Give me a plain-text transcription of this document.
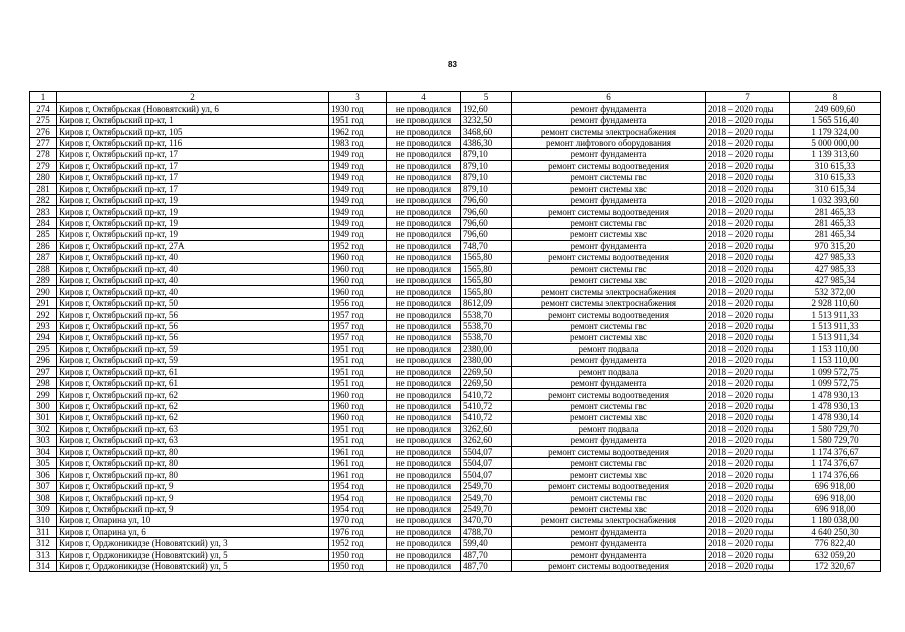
83
1	2	3	4	5	6	7	8
274	Киров г, Октябрьская (Нововятский) ул, 6	1930 год	не проводился	192,60	ремонт фундамента	2018 – 2020 годы	249 609,60
275	Киров г, Октябрьский пр-кт, 1	1951 год	не проводился	3232,50	ремонт фундамента	2018 – 2020 годы	1 565 516,40
276	Киров г, Октябрьский пр-кт, 105	1962 год	не проводился	3468,60	ремонт системы электроснабжения	2018 – 2020 годы	1 179 324,00
277	Киров г, Октябрьский пр-кт, 116	1983 год	не проводился	4386,30	ремонт лифтового оборудования	2018 – 2020 годы	5 000 000,00
278	Киров г, Октябрьский пр-кт, 17	1949 год	не проводился	879,10	ремонт фундамента	2018 – 2020 годы	1 139 313,60
279	Киров г, Октябрьский пр-кт, 17	1949 год	не проводился	879,10	ремонт системы водоотведения	2018 – 2020 годы	310 615,33
280	Киров г, Октябрьский пр-кт, 17	1949 год	не проводился	879,10	ремонт системы гвс	2018 – 2020 годы	310 615,33
281	Киров г, Октябрьский пр-кт, 17	1949 год	не проводился	879,10	ремонт системы хвс	2018 – 2020 годы	310 615,34
282	Киров г, Октябрьский пр-кт, 19	1949 год	не проводился	796,60	ремонт фундамента	2018 – 2020 годы	1 032 393,60
283	Киров г, Октябрьский пр-кт, 19	1949 год	не проводился	796,60	ремонт системы водоотведения	2018 – 2020 годы	281 465,33
284	Киров г, Октябрьский пр-кт, 19	1949 год	не проводился	796,60	ремонт системы гвс	2018 – 2020 годы	281 465,33
285	Киров г, Октябрьский пр-кт, 19	1949 год	не проводился	796,60	ремонт системы хвс	2018 – 2020 годы	281 465,34
286	Киров г, Октябрьский пр-кт, 27А	1952 год	не проводился	748,70	ремонт фундамента	2018 – 2020 годы	970 315,20
287	Киров г, Октябрьский пр-кт, 40	1960 год	не проводился	1565,80	ремонт системы водоотведения	2018 – 2020 годы	427 985,33
288	Киров г, Октябрьский пр-кт, 40	1960 год	не проводился	1565,80	ремонт системы гвс	2018 – 2020 годы	427 985,33
289	Киров г, Октябрьский пр-кт, 40	1960 год	не проводился	1565,80	ремонт системы хвс	2018 – 2020 годы	427 985,34
290	Киров г, Октябрьский пр-кт, 40	1960 год	не проводился	1565,80	ремонт системы электроснабжения	2018 – 2020 годы	532 372,00
291	Киров г, Октябрьский пр-кт, 50	1956 год	не проводился	8612,09	ремонт системы электроснабжения	2018 – 2020 годы	2 928 110,60
292	Киров г, Октябрьский пр-кт, 56	1957 год	не проводился	5538,70	ремонт системы водоотведения	2018 – 2020 годы	1 513 911,33
293	Киров г, Октябрьский пр-кт, 56	1957 год	не проводился	5538,70	ремонт системы гвс	2018 – 2020 годы	1 513 911,33
294	Киров г, Октябрьский пр-кт, 56	1957 год	не проводился	5538,70	ремонт системы хвс	2018 – 2020 годы	1 513 911,34
295	Киров г, Октябрьский пр-кт, 59	1951 год	не проводился	2380,00	ремонт подвала	2018 – 2020 годы	1 153 110,00
296	Киров г, Октябрьский пр-кт, 59	1951 год	не проводился	2380,00	ремонт фундамента	2018 – 2020 годы	1 153 110,00
297	Киров г, Октябрьский пр-кт, 61	1951 год	не проводился	2269,50	ремонт подвала	2018 – 2020 годы	1 099 572,75
298	Киров г, Октябрьский пр-кт, 61	1951 год	не проводился	2269,50	ремонт фундамента	2018 – 2020 годы	1 099 572,75
299	Киров г, Октябрьский пр-кт, 62	1960 год	не проводился	5410,72	ремонт системы водоотведения	2018 – 2020 годы	1 478 930,13
300	Киров г, Октябрьский пр-кт, 62	1960 год	не проводился	5410,72	ремонт системы гвс	2018 – 2020 годы	1 478 930,13
301	Киров г, Октябрьский пр-кт, 62	1960 год	не проводился	5410,72	ремонт системы хвс	2018 – 2020 годы	1 478 930,14
302	Киров г, Октябрьский пр-кт, 63	1951 год	не проводился	3262,60	ремонт подвала	2018 – 2020 годы	1 580 729,70
303	Киров г, Октябрьский пр-кт, 63	1951 год	не проводился	3262,60	ремонт фундамента	2018 – 2020 годы	1 580 729,70
304	Киров г, Октябрьский пр-кт, 80	1961 год	не проводился	5504,07	ремонт системы водоотведения	2018 – 2020 годы	1 174 376,67
305	Киров г, Октябрьский пр-кт, 80	1961 год	не проводился	5504,07	ремонт системы гвс	2018 – 2020 годы	1 174 376,67
306	Киров г, Октябрьский пр-кт, 80	1961 год	не проводился	5504,07	ремонт системы хвс	2018 – 2020 годы	1 174 376,66
307	Киров г, Октябрьский пр-кт, 9	1954 год	не проводился	2549,70	ремонт системы водоотведения	2018 – 2020 годы	696 918,00
308	Киров г, Октябрьский пр-кт, 9	1954 год	не проводился	2549,70	ремонт системы гвс	2018 – 2020 годы	696 918,00
309	Киров г, Октябрьский пр-кт, 9	1954 год	не проводился	2549,70	ремонт системы хвс	2018 – 2020 годы	696 918,00
310	Киров г, Опарина ул, 10	1970 год	не проводился	3470,70	ремонт системы электроснабжения	2018 – 2020 годы	1 180 038,00
311	Киров г, Опарина ул, 6	1976 год	не проводился	4788,70	ремонт фундамента	2018 – 2020 годы	4 640 250,30
312	Киров г, Орджоникидзе (Нововятский) ул, 3	1952 год	не проводился	599,40	ремонт фундамента	2018 – 2020 годы	776 822,40
313	Киров г, Орджоникидзе (Нововятский) ул, 5	1950 год	не проводился	487,70	ремонт фундамента	2018 – 2020 годы	632 059,20
314	Киров г, Орджоникидзе (Нововятский) ул, 5	1950 год	не проводился	487,70	ремонт системы водоотведения	2018 – 2020 годы	172 320,67
